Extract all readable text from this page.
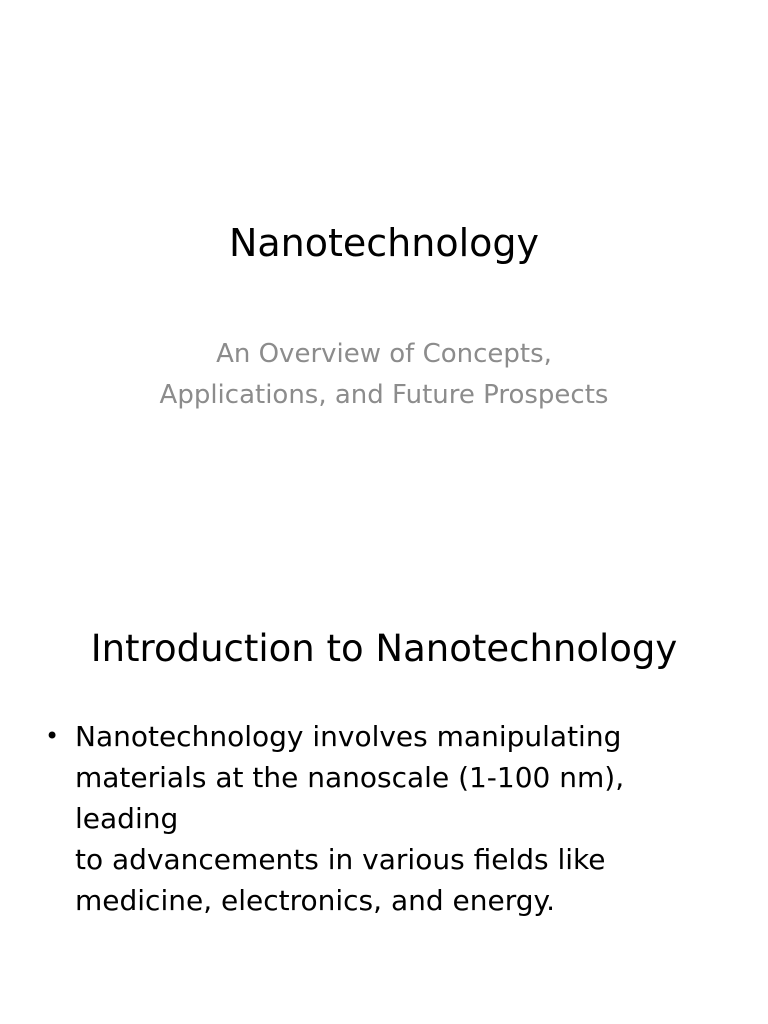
Nanotechnology
An Overview of Concepts,
Applications, and Future Prospects
Introduction to Nanotechnology
• Nanotechnology involves manipulating
materials at the nanoscale (1-100 nm), leading
to advancements in various fields like
medicine, electronics, and energy.
